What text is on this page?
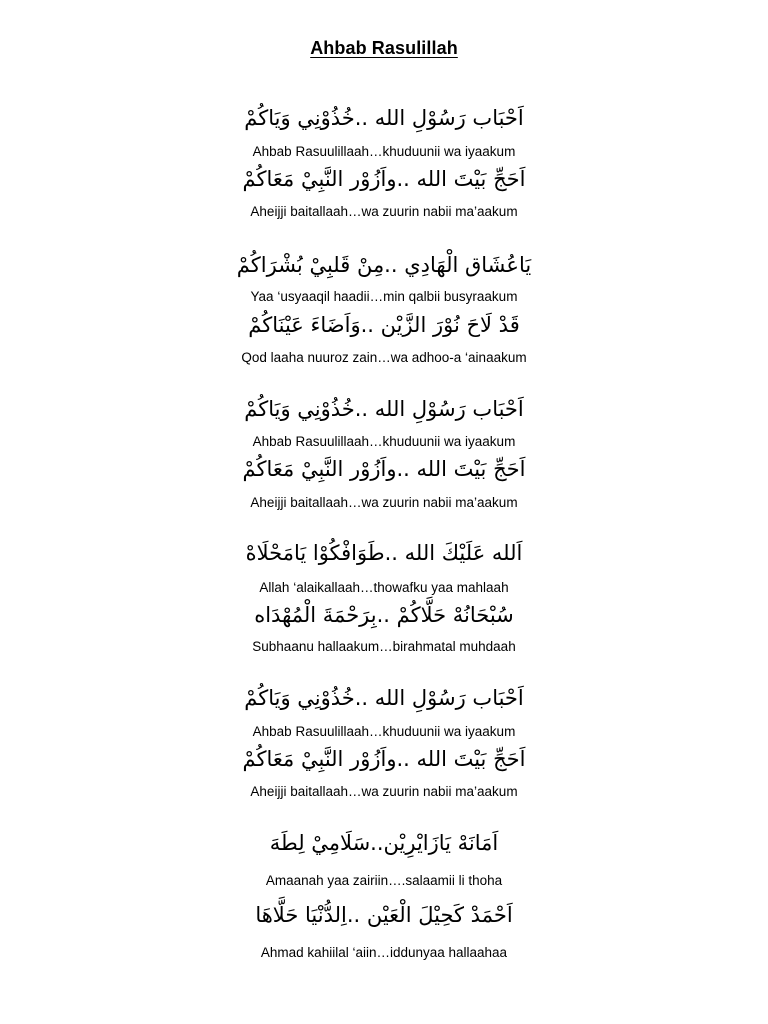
Ahbab Rasulillah
اَحْبَاب رَسُوْلِ الله ..خُذُوْنِي وَيَاكُمْ
Ahbab Rasuulillaah…khuduunii wa iyaakum
اَحَجِّ بَيْتَ الله ..واَزُوْر النَّبِيْ مَعَاكُمْ
Aheijji baitallaah…wa zuurin nabii ma’aakum
يَاعُشَاق الْهَادِي ..مِنْ قَلبِيْ بُشْرَاكُمْ
Yaa ‘usyaaqil haadii…min qalbii busyraakum
قَدْ لَاحَ نُوْرَ الزَّيْن ..وَاَضَاءَ عَيْنَاكُمْ
Qod laaha nuuroz zain…wa adhoo-a ‘ainaakum
اَحْبَاب رَسُوْلِ الله ..خُذُوْنِي وَيَاكُمْ
Ahbab Rasuulillaah…khuduunii wa iyaakum
اَحَجِّ بَيْتَ الله ..واَزُوْر النَّبِيْ مَعَاكُمْ
Aheijji baitallaah…wa zuurin nabii ma’aakum
اَلله عَلَيْكَ الله ..طَوَافْكُوْا يَامَحْلَاهْ
Allah ‘alaikallaah…thowafku yaa mahlaah
سُبْحَانُهْ حَلَّاكُمْ ..بِرَحْمَةَ الْمُهْدَاه
Subhaanu hallaakum…birahmatal muhdaah
اَحْبَاب رَسُوْلِ الله ..خُذُوْنِي وَيَاكُمْ
Ahbab Rasuulillaah…khuduunii wa iyaakum
اَحَجِّ بَيْتَ الله ..واَزُوْر النَّبِيْ مَعَاكُمْ
Aheijji baitallaah…wa zuurin nabii ma’aakum
اَمَانَهْ يَازَايْرِيْن..سَلَامِيْ لِطَهَ
Amaanah yaa zairiin….salaamii li thoha
اَحْمَدْ كَحِيْلَ الْعَيْن ..اِلدُّنْيَا حَلَّاهَا
Ahmad kahiilal ‘aiin…iddunyaa hallaahaa
